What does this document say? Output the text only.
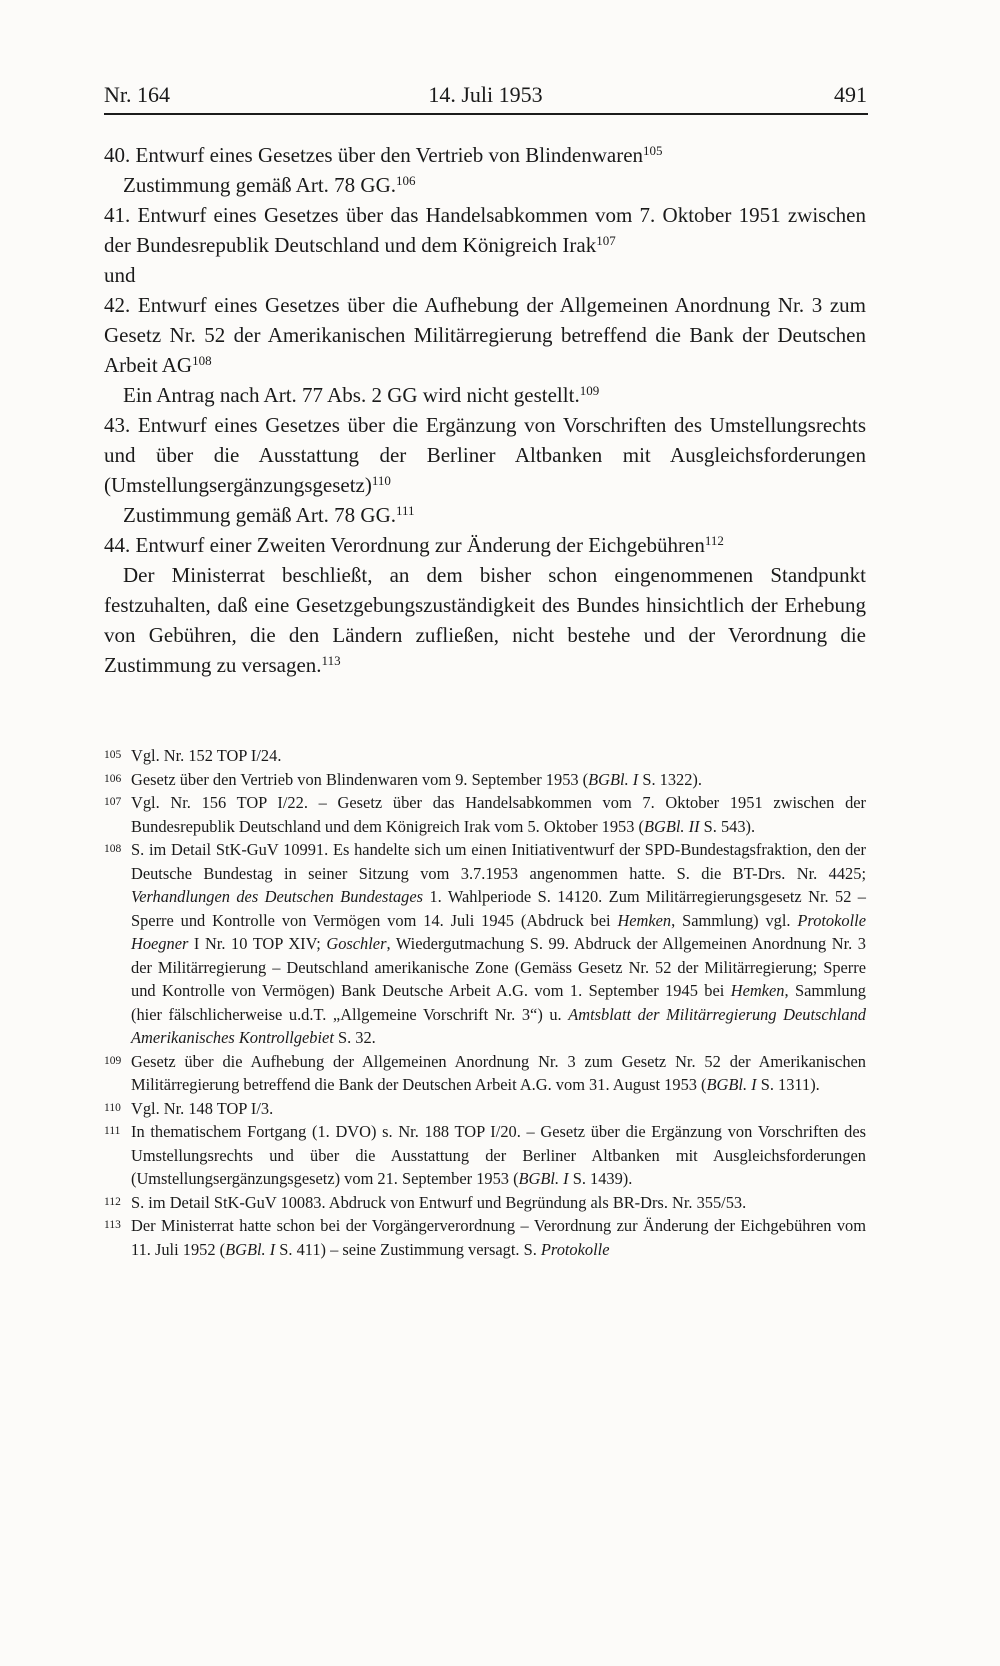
Nr. 164	14. Juli 1953	491

40. Entwurf eines Gesetzes über den Vertrieb von Blindenwaren$^{105}$

Zustimmung gemäß Art. 78 GG.$^{106}$

41. Entwurf eines Gesetzes über das Handelsabkommen vom 7. Oktober 1951 zwischen der Bundesrepublik Deutschland und dem Königreich Irak$^{107}$

und

42. Entwurf eines Gesetzes über die Aufhebung der Allgemeinen Anordnung Nr. 3 zum Gesetz Nr. 52 der Amerikanischen Militärregierung betreffend die Bank der Deutschen Arbeit AG$^{108}$

Ein Antrag nach Art. 77 Abs. 2 GG wird nicht gestellt.$^{109}$

43. Entwurf eines Gesetzes über die Ergänzung von Vorschriften des Umstellungsrechts und über die Ausstattung der Berliner Altbanken mit Ausgleichsforderungen (Umstellungsergänzungsgesetz)$^{110}$

Zustimmung gemäß Art. 78 GG.$^{111}$

44. Entwurf einer Zweiten Verordnung zur Änderung der Eichgebühren$^{112}$

Der Ministerrat beschließt, an dem bisher schon eingenommenen Standpunkt festzuhalten, daß eine Gesetzgebungszuständigkeit des Bundes hinsichtlich der Erhebung von Gebühren, die den Ländern zufließen, nicht bestehe und der Verordnung die Zustimmung zu versagen.$^{113}$

105 Vgl. Nr. 152 TOP I/24.
106 Gesetz über den Vertrieb von Blindenwaren vom 9. September 1953 (BGBl. I S. 1322).
107 Vgl. Nr. 156 TOP I/22. – Gesetz über das Handelsabkommen vom 7. Oktober 1951 zwischen der Bundesrepublik Deutschland und dem Königreich Irak vom 5. Oktober 1953 (BGBl. II S. 543).
108 S. im Detail StK-GuV 10991. Es handelte sich um einen Initiativentwurf der SPD-Bundestagsfraktion, den der Deutsche Bundestag in seiner Sitzung vom 3.7.1953 angenommen hatte. S. die BT-Drs. Nr. 4425; Verhandlungen des Deutschen Bundestages 1. Wahlperiode S. 14120. Zum Militärregierungsgesetz Nr. 52 – Sperre und Kontrolle von Vermögen vom 14. Juli 1945 (Abdruck bei Hemken, Sammlung) vgl. Protokolle Hoegner I Nr. 10 TOP XIV; Goschler, Wiedergutmachung S. 99. Abdruck der Allgemeinen Anordnung Nr. 3 der Militärregierung – Deutschland amerikanische Zone (Gemäss Gesetz Nr. 52 der Militärregierung; Sperre und Kontrolle von Vermögen) Bank Deutsche Arbeit A.G. vom 1. September 1945 bei Hemken, Sammlung (hier fälschlicherweise u.d.T. „Allgemeine Vorschrift Nr. 3“) u. Amtsblatt der Militärregierung Deutschland Amerikanisches Kontrollgebiet S. 32.
109 Gesetz über die Aufhebung der Allgemeinen Anordnung Nr. 3 zum Gesetz Nr. 52 der Amerikanischen Militärregierung betreffend die Bank der Deutschen Arbeit A.G. vom 31. August 1953 (BGBl. I S. 1311).
110 Vgl. Nr. 148 TOP I/3.
111 In thematischem Fortgang (1. DVO) s. Nr. 188 TOP I/20. – Gesetz über die Ergänzung von Vorschriften des Umstellungsrechts und über die Ausstattung der Berliner Altbanken mit Ausgleichsforderungen (Umstellungsergänzungsgesetz) vom 21. September 1953 (BGBl. I S. 1439).
112 S. im Detail StK-GuV 10083. Abdruck von Entwurf und Begründung als BR-Drs. Nr. 355/53.
113 Der Ministerrat hatte schon bei der Vorgängerverordnung – Verordnung zur Änderung der Eichgebühren vom 11. Juli 1952 (BGBl. I S. 411) – seine Zustimmung versagt. S. Protokolle
